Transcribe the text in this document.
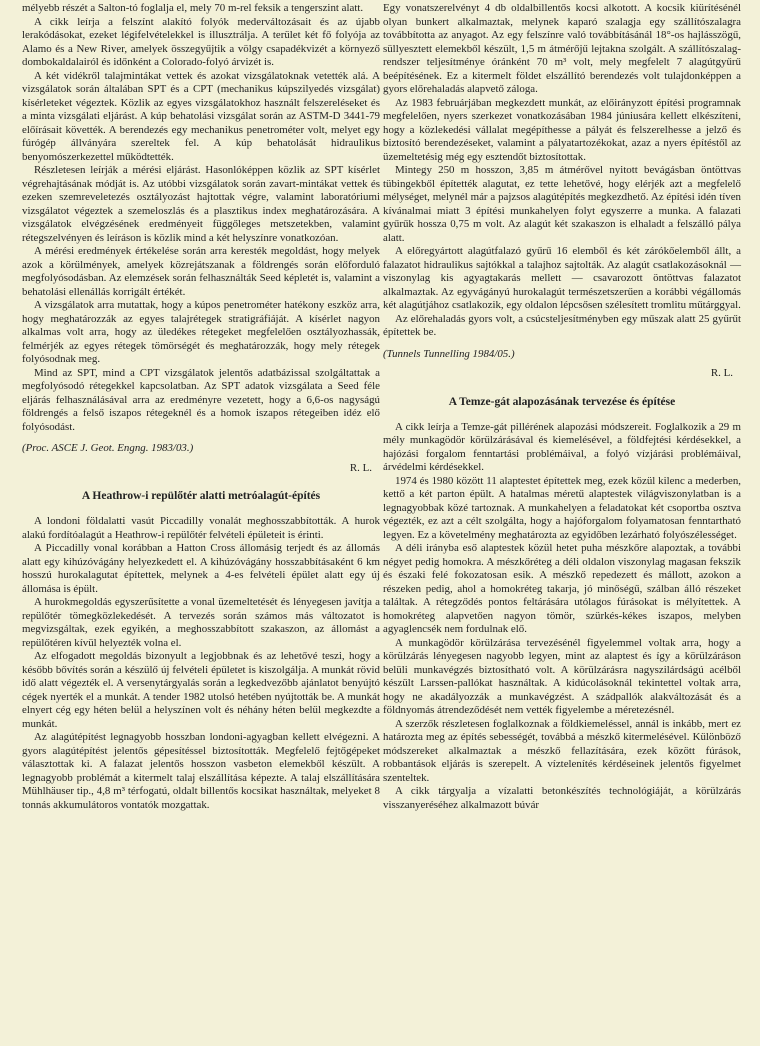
mélyebb részét a Salton-tó foglalja el, mely 70 m-rel feksik a tengerszint alatt.

A cikk leírja a felszínt alakító folyók mederváltozásait és az újabb lerakódásokat, ezeket légifelvételekkel is illusztrálja. A terület két fő folyója az Alamo és a New River, amelyek összegyűjtik a völgy csapadékvizét a környező dombokaldalairól és időnként a Colorado-folyó árvizét is.

A két vidékről talajmintákat vettek és azokat vizsgálatoknak vetették alá. A vizsgálatok során általában SPT és a CPT (mechanikus kúpszilyedés vizsgálat) kísérleteket végeztek. Közlik az egyes vizsgálatokhoz használt felszereléseket és a minta vizsgálati eljárást. A kúp behatolási vizsgálat során az ASTM-D 3441-79 előírásait követték. A berendezés egy mechanikus penetrométer volt, melyet egy fúrógép állványára szereltek fel. A kúp behatolását hidraulikus benyomószerkezettel működtették.

Részletesen leírják a mérési eljárást. Hasonlóképpen közlik az SPT kísérlet végrehajtásának módját is. Az utóbbi vizsgálatok során zavart-mintákat vettek és ezeken szemreveletezés osztályozást hajtottak végre, valamint laboratóriumi vizsgálatot végeztek a szemeloszlás és a plasztikus index meghatározására. A vizsgálatok elvégzésének eredményeit függőleges metszetekben, valamint rétegszelvényen és leíráson is közlik mind a két helyszínre vonatkozóan.

A mérési eredmények értékelése során arra keresték megoldást, hogy melyek azok a körülmények, amelyek közrejátszanak a földrengés során előforduló megfolyósodásban. Az elemzések során felhasználták Seed képletét is, valamint a behatolási ellenállás korrigált értékét.

A vizsgálatok arra mutattak, hogy a kúpos penetrométer hatékony eszköz arra, hogy meghatározzák az egyes talajrétegek stratigráfiáját. A kísérlet nagyon alkalmas volt arra, hogy az üledékes rétegeket megfelelően osztályozhassák, felmérjék az egyes rétegek tömörségét és meghatározzák, hogy mely rétegek folyósodnak meg.

Mind az SPT, mind a CPT vizsgálatok jelentős adatbázissal szolgáltattak a megfolyósodó rétegekkel kapcsolatban. Az SPT adatok vizsgálata a Seed féle eljárás felhasználásával arra az eredményre vezetett, hogy a 6,6-os nagyságú földrengés a felső iszapos rétegeknél és a homok iszapos rétegeiben idéz elő folyósodást.

(Proc. ASCE J. Geot. Engng. 1983/03.)

R. L.

A Heathrow-i repülőtér alatti metróalagút-építés

A londoni földalatti vasút Piccadilly vonalát meghosszabbították. A hurok alakú fordítóalagút a Heathrow-i repülőtér felvételi épületeit is érinti.

A Piccadilly vonal korábban a Hatton Cross állomásig terjedt és az állomás alatt egy kihúzóvágány helyezkedett el. A kihúzóvágány hosszabbításaként 6 km hosszú hurokalagutat építettek, melynek a 4-es felvételi épület alatt egy új állomása is épült.

A hurokmegoldás egyszerűsítette a vonal üzemeltetését és lényegesen javítja a repülőtér tömegközlekedését. A tervezés során számos más változatot is megvizsgáltak, ezek egyikén, a meghosszabbított szakaszon, az állomást a repülőtéren kívül helyezték volna el.

Az elfogadott megoldás bizonyult a legjobbnak és az lehetővé teszi, hogy a később bővítés során a készülő új felvételi épületet is kiszolgálja. A munkát rövid idő alatt végezték el. A versenytárgyalás során a legkedvezőbb ajánlatot benyújtó cégek nyerték el a munkát. A tender 1982 utolsó hetében nyújtották be. A munkát elnyert cég egy héten belül a helyszínen volt és néhány héten belül megkezdte a munkát.

Az alagútépítést legnagyobb hosszban londoni-agyagban kellett elvégezni. A gyors alagútépítést jelentős gépesítéssel biztosították. Megfelelő fejtőgépeket választottak ki. A falazat jelentős hosszon vasbeton elemekből készült. A legnagyobb problémát a kitermelt talaj elszállítása képezte. A talaj elszállítására Mühlhäuser tip., 4,8 m³ térfogatú, oldalt billentős kocsikat használtak, melyeket 8 tonnás akkumulátoros vontatók mozgattak.

Egy vonatszerelvényt 4 db oldalbillentős kocsi alkotott. A kocsik kiürítésénél olyan bunkert alkalmaztak, melynek kaparó szalagja egy szállítószalagra továbbította az anyagot. Az egy felszínre való továbbításánál 18°-os hajlásszögű, süllyesztett elemekből készült, 1,5 m átmérőjű lejtakna szolgált. A szállítószalag-rendszer teljesítménye óránként 70 m³ volt, mely megfelelt 7 alagútgyűrű beépítésének. Ez a kitermelt földet elszállító berendezés volt tulajdonképpen a gyors előrehaladás alapvető záloga.

Az 1983 februárjában megkezdett munkát, az előirányzott építési programnak megfelelően, nyers szerkezet vonatkozásában 1984 júniusára kellett elkészíteni, hogy a közlekedési vállalat megépíthesse a pályát és felszerelhesse a jelző és biztosító berendezéseket, valamint a pályatartozékokat, azaz a nyers építéstől az üzemeltetésig még egy esztendőt biztosítottak.

Mintegy 250 m hosszon, 3,85 m átmérővel nyitott bevágásban öntöttvas tübingekből építették alagutat, ez tette lehetővé, hogy elérjék azt a megfelelő mélységet, melynél már a pajzsos alagútépítés megkezdhető. Az építési idén tíven kívánalmai miatt 3 építési munkahelyen folyt egyszerre a munka. A falazati gyűrűk hossza 0,75 m volt. Az alagút két szakaszon is elhaladt a felszálló pálya alatt.

A előregyártott alagútfalazó gyűrű 16 elemből és két zárókőelemből állt, a falazatot hidraulikus sajtókkal a talajhoz sajtolták. Az alagút csatlakozásoknál — viszonylag kis agyagtakarás mellett — csavarozott öntöttvas falazatot alkalmaztak. Az egyvágányú hurokalagút természetszerűen a korábbi végállomás két alagútjához csatlakozik, egy oldalon lépcsősen szélesített tromlitu műtárggyal.

Az előrehaladás gyors volt, a csúcsteljesítményben egy műszak alatt 25 gyűrűt építettek be.

(Tunnels Tunnelling 1984/05.)

R. L.

A Temze-gát alapozásának tervezése és építése

A cikk leírja a Temze-gát pillérének alapozási módszereit. Foglalkozik a 29 m mély munkagödör körülzárásával és kiemelésével, a földfejtési kérdésekkel, a hajózási forgalom fenntartási problémáival, a folyó vízjárási problémáival, árvédelmi kérdésekkel.

1974 és 1980 között 11 alaptestet építettek meg, ezek közül kilenc a mederben, kettő a két parton épült. A hatalmas méretű alaptestek világviszonylatban is a legnagyobbak közé tartoznak. A munkahelyen a feladatokat két csoportba osztva végezték, ez azt a célt szolgálta, hogy a hajóforgalom folyamatosan fenntartható legyen. Ez a követelmény meghatározta az egyidőben lezárható folyószélességet.

A déli irányba eső alaptestek közül hetet puha mészkőre alapoztak, a további négyet pedig homokra. A mészkőréteg a déli oldalon viszonylag magasan fekszik és északi felé fokozatosan esik. A mészkő repedezett és mállott, azokon a részeken pedig, ahol a homokréteg takarja, jó minőségű, szálban álló részeket találtak. A rétegződés pontos feltárására utólagos fúrásokat is mélyítettek. A homokréteg alapvetően nagyon tömör, szürkés-kékes iszapos, melyben agyaglencsék nem fordulnak elő.

A munkagödör körülzárása tervezésénél figyelemmel voltak arra, hogy a körülzárás lényegesen nagyobb legyen, mint az alaptest és így a körülzáráson belüli munkavégzés biztosítható volt. A körülzárásra nagyszilárdságú acélből készült Larssen-pallókat használtak. A kidúcolásoknál tekintettel voltak arra, hogy ne akadályozzák a munkavégzést. A szádpallók alakváltozását és a földnyomás átrendeződését nem vették figyelembe a méretezésnél.

A szerzők részletesen foglalkoznak a földkiemeléssel, annál is inkább, mert ez határozta meg az építés sebességét, továbbá a mészkő kitermelésével. Különböző módszereket alkalmaztak a mészkő fellazítására, ezek között fúrások, robbantások eljárás is szerepelt. A víztelenítés kérdéseinek jelentős figyelmet szenteltek.

A cikk tárgyalja a vízalatti betonkészítés technológiáját, a körülzárás visszanyeréséhez alkalmazott búvár
